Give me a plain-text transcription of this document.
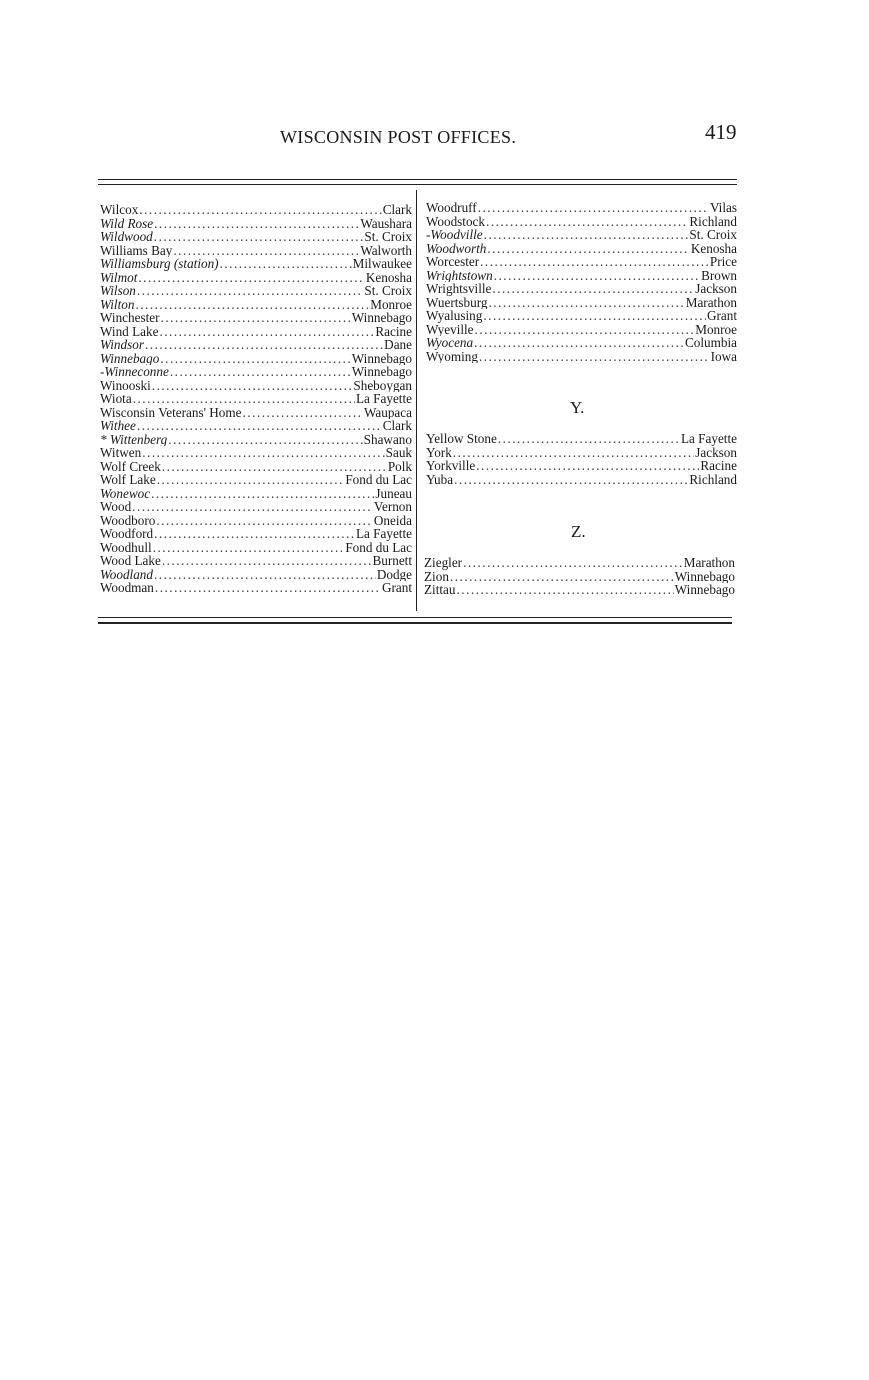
WISCONSIN POST OFFICES.	419
Wilcox .....	Clark
Wild Rose .....	Waushara
Wildwood .....	St. Croix
Williams Bay .....	Walworth
Williamsburg (station) .....	Milwaukee
Wilmot .....	Kenosha
Wilson .....	St. Croix
Wilton .....	Monroe
Winchester .....	Winnebago
Wind Lake .....	Racine
Windsor .....	Dane
Winnebago .....	Winnebago
-Winneconne .....	Winnebago
Winooski .....	Sheboygan
Wiota .....	La Fayette
Wisconsin Veterans' Home .....	Waupaca
Withee .....	Clark
* Wittenberg .....	Shawano
Witwen .....	Sauk
Wolf Creek .....	Polk
Wolf Lake .....	Fond du Lac
Wonewoc .....	Juneau
Wood .....	Vernon
Woodboro .....	Oneida
Woodford .....	La Fayette
Woodhull .....	Fond du Lac
Wood Lake .....	Burnett
Woodland .....	Dodge
Woodman .....	Grant
Woodruff .....	Vilas
Woodstock .....	Richland
-Woodville .....	St. Croix
Woodworth .....	Kenosha
Worcester .....	Price
Wrightstown .....	Brown
Wrightsville .....	Jackson
Wuertsburg .....	Marathon
Wyalusing .....	Grant
Wyeville .....	Monroe
Wyocena .....	Columbia
Wyoming .....	Iowa
Y.
Yellow Stone .....	La Fayette
York .....	Jackson
Yorkville .....	Racine
Yuba .....	Richland
Z.
Ziegler .....	Marathon
Zion .....	Winnebago
Zittau .....	Winnebago
